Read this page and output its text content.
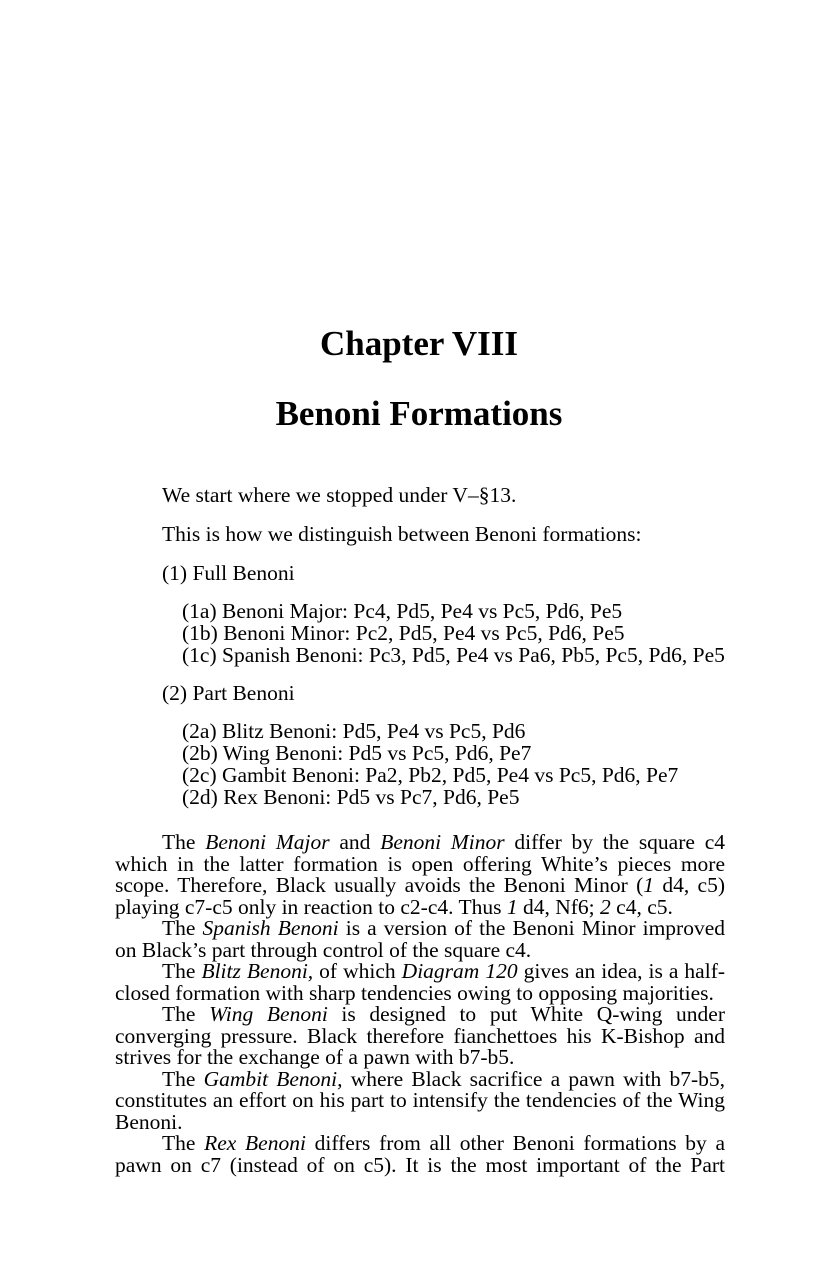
Chapter VIII
Benoni Formations

We start where we stopped under V–§13.

This is how we distinguish between Benoni formations:

(1) Full Benoni

(1a) Benoni Major: Pc4, Pd5, Pe4 vs Pc5, Pd6, Pe5

(1b) Benoni Minor: Pc2, Pd5, Pe4 vs Pc5, Pd6, Pe5

(1c) Spanish Benoni: Pc3, Pd5, Pe4 vs Pa6, Pb5, Pc5, Pd6, Pe5

(2) Part Benoni

(2a) Blitz Benoni: Pd5, Pe4 vs Pc5, Pd6

(2b) Wing Benoni: Pd5 vs Pc5, Pd6, Pe7

(2c) Gambit Benoni: Pa2, Pb2, Pd5, Pe4 vs Pc5, Pd6, Pe7

(2d) Rex Benoni: Pd5 vs Pc7, Pd6, Pe5

The Benoni Major and Benoni Minor differ by the square c4 which in the latter formation is open offering White’s pieces more scope. Therefore, Black usually avoids the Benoni Minor (1 d4, c5) playing c7-c5 only in reaction to c2-c4. Thus 1 d4, Nf6; 2 c4, c5.

The Spanish Benoni is a version of the Benoni Minor improved on Black’s part through control of the square c4.

The Blitz Benoni, of which Diagram 120 gives an idea, is a half-closed formation with sharp tendencies owing to opposing majorities.

The Wing Benoni is designed to put White Q-wing under converging pressure. Black therefore fianchettoes his K-Bishop and strives for the exchange of a pawn with b7-b5.

The Gambit Benoni, where Black sacrifice a pawn with b7-b5, constitutes an effort on his part to intensify the tendencies of the Wing Benoni.

The Rex Benoni differs from all other Benoni formations by a pawn on c7 (instead of on c5). It is the most important of the Part
